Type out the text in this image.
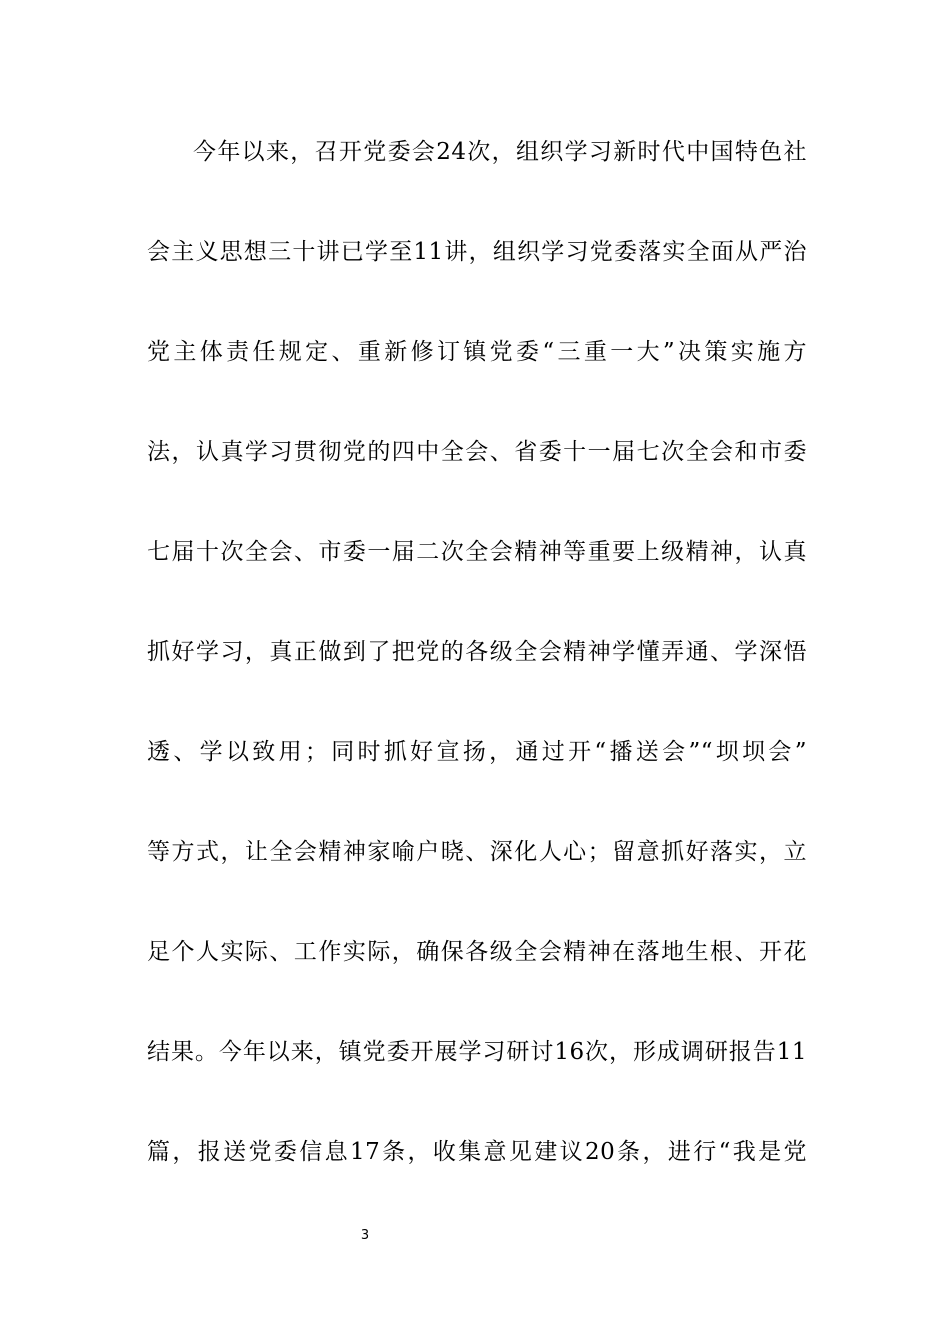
今年以来，召开党委会24次，组织学习新时代中国特色社
会主义思想三十讲已学至11讲，组织学习党委落实全面从严治
党主体责任规定、重新修订镇党委“三重一大”决策实施方
法，认真学习贯彻党的四中全会、省委十一届七次全会和市委
七届十次全会、市委一届二次全会精神等重要上级精神，认真
抓好学习，真正做到了把党的各级全会精神学懂弄通、学深悟
透、学以致用；同时抓好宣扬，通过开“播送会”“坝坝会”
等方式，让全会精神家喻户晓、深化人心；留意抓好落实，立
足个人实际、工作实际，确保各级全会精神在落地生根、开花
结果。今年以来，镇党委开展学习研讨16次，形成调研报告11
篇，报送党委信息17条，收集意见建议20条，进行“我是党
3
